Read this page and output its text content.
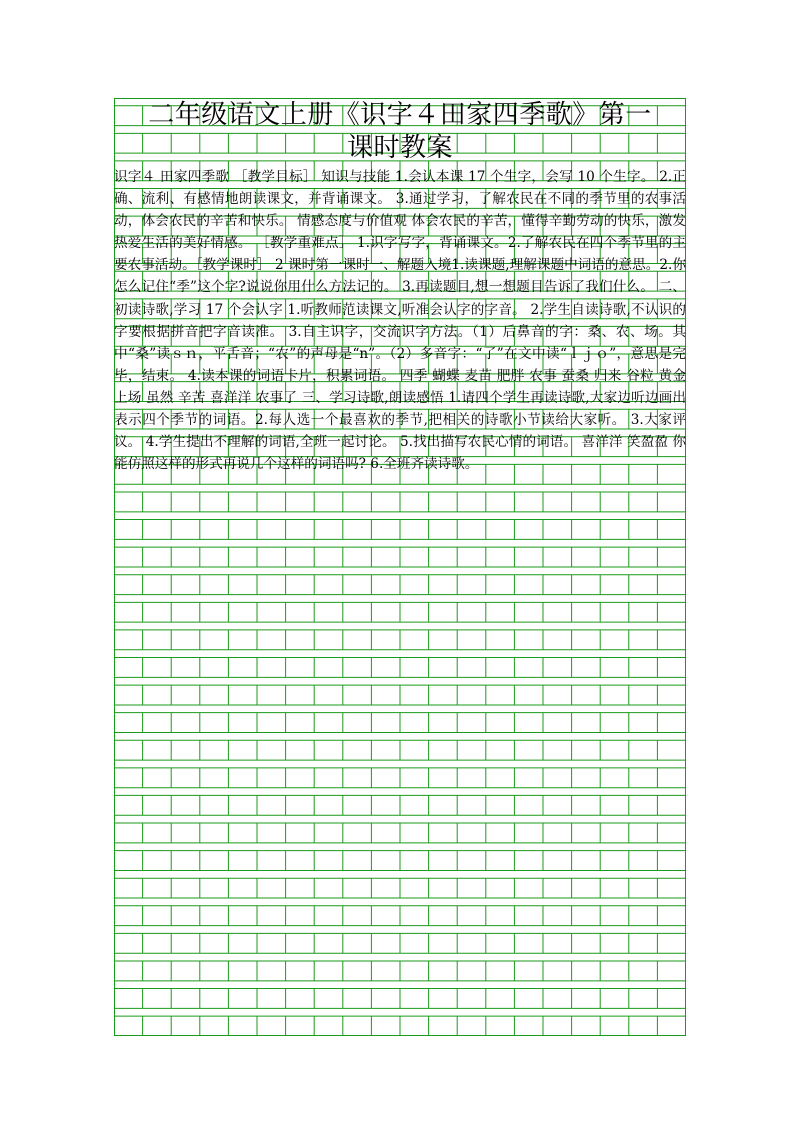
二年级语文上册《识字４田家四季歌》第一
课时教案

识字４ 田家四季歌 ［教学目标］ 知识与技能 1.会认本课 17 个生字，会写 10 个生字。 2.正确、流利、有感情地朗读课文，并背诵课文。 3.通过学习，了解农民在不同的季节里的农事活动，体会农民的辛苦和快乐。 情感态度与价值观 体会农民的辛苦，懂得辛勤劳动的快乐，激发热爱生活的美好情感。 ［教学重难点］ 1.识字写字，背诵课文。2.了解农民在四个季节里的主要农事活动。［教学课时］ 2 课时第一课时一、解题入境1.读课题,理解课题中词语的意思。2.你怎么记住“季”这个字?说说你用什么方法记的。 3.再读题目,想一想题目告诉了我们什么。 二、初读诗歌,学习 17 个会认字 1.听教师范读课文,听准会认字的字音。 2.学生自读诗歌,不认识的字要根据拼音把字音读准。 3.自主识字，交流识字方法。（1）后鼻音的字：桑、农、场。其中“桑”读ｓｎ，平舌音；“农”的声母是“n”。（2）多音字：“了”在文中读“ｌｊｏ”，意思是完毕，结束。 4.读本课的词语卡片，积累词语。 四季 蝴蝶 麦苗 肥胖 农事 蚕桑 归来 谷粒 黄金 上场 虽然 辛苦 喜洋洋 农事了 三、学习诗歌,朗读感悟 1.请四个学生再读诗歌,大家边听边画出表示四个季节的词语。2.每人选一个最喜欢的季节,把相关的诗歌小节读给大家听。 3.大家评议。 4.学生提出不理解的词语,全班一起讨论。 5.找出描写农民心情的词语。 喜洋洋 笑盈盈 你能仿照这样的形式再说几个这样的词语吗? 6.全班齐读诗歌。
